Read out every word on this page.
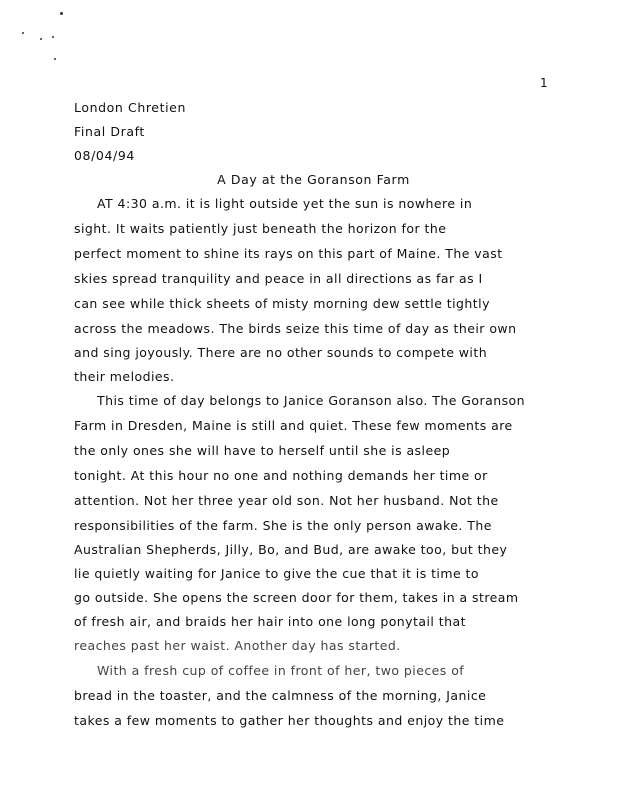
1
London Chretien
Final Draft
08/04/94
A Day at the Goranson Farm
AT 4:30 a.m. it is light outside yet the sun is nowhere in
sight. It waits patiently just beneath the horizon for the
perfect moment to shine its rays on this part of Maine. The vast
skies spread tranquility and peace in all directions as far as I
can see while thick sheets of misty morning dew settle tightly
across the meadows. The birds seize this time of day as their own
and sing joyously. There are no other sounds to compete with
their melodies.
This time of day belongs to Janice Goranson also. The Goranson
Farm in Dresden, Maine is still and quiet. These few moments are
the only ones she will have to herself until she is asleep
tonight. At this hour no one and nothing demands her time or
attention. Not her three year old son. Not her husband. Not the
responsibilities of the farm. She is the only person awake. The
Australian Shepherds, Jilly, Bo, and Bud, are awake too, but they
lie quietly waiting for Janice to give the cue that it is time to
go outside. She opens the screen door for them, takes in a stream
of fresh air, and braids her hair into one long ponytail that
reaches past her waist. Another day has started.
With a fresh cup of coffee in front of her, two pieces of
bread in the toaster, and the calmness of the morning, Janice
takes a few moments to gather her thoughts and enjoy the time
